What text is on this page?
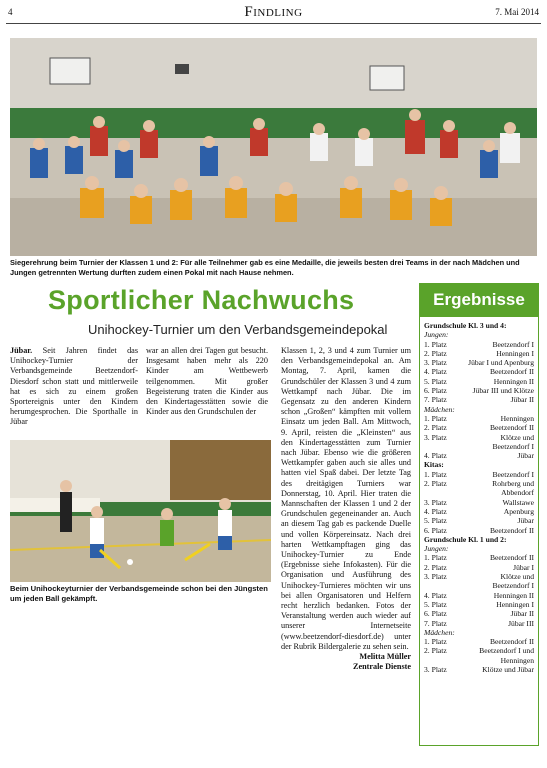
4	Findling	7. Mai 2014
Siegerehrung beim Turnier der Klassen 1 und 2: Für alle Teilnehmer gab es eine Medaille, die jeweils besten drei Teams in der nach Mädchen und Jungen getrennten Wertung durften zudem einen Pokal mit nach Hause nehmen.
Sportlicher Nachwuchs
Unihockey-Turnier um den Verbandsgemeindepokal
Jübar. Seit Jahren findet das Unihockey-Turnier der Verbandsgemeinde Beetzendorf-Diesdorf schon statt und mittlerweile hat es sich zu einem großen Sportereignis unter den Kindern herumgesprochen. Die Sporthalle in Jübar
war an allen drei Tagen gut besucht. Insgesamt haben mehr als 220 Kinder am Wettbewerb teilgenommen. Mit großer Begeisterung traten die Kinder aus den Kindertagesstätten sowie die Kinder aus den Grundschulen der
Klassen 1, 2, 3 und 4 zum Turnier um den Verbandsgemeindepokal an. Am Montag, 7. April, kamen die Grundschüler der Klassen 3 und 4 zum Wettkampf nach Jübar. Die im Gegensatz zu den anderen Kindern schon „Großen“ kämpften mit vollem Einsatz um jeden Ball. Am Mittwoch, 9. April, reisten die „Kleinsten“ aus den Kindertagesstätten zum Turnier nach Jübar. Ebenso wie die größeren Wettkampfer gaben auch sie alles und hatten viel Spaß dabei. Der letzte Tag des dreitägigen Turniers war Donnerstag, 10. April. Hier traten die Mannschaften der Klassen 1 und 2 der Grundschulen gegeneinander an. Auch an diesem Tag gab es packende Duelle und vollen Körpereinsatz. Nach drei harten Wettkampftagen ging das Unihockey-Turnier zu Ende (Ergebnisse siehe Infokasten). Für die Organisation und Ausführung des Unihockey-Turnieres möchten wir uns bei allen Organisatoren und Helfern recht herzlich bedanken. Fotos der Veranstaltung werden auch wieder auf unserer Internetseite (www.beetzendorf-diesdorf.de) unter der Rubrik Bildergalerie zu sehen sein.
Melitta Müller
Zentrale Dienste
Beim Unihockeyturnier der Verbandsgemeinde schon bei den Jüngsten um jeden Ball gekämpft.
Ergebnisse
Grundschule Kl. 3 und 4:
Jungen:
1. Platz	Beetzendorf I
2. Platz	Henningen I
3. Platz	Jübar I und Apenburg
4. Platz	Beetzendorf II
5. Platz	Henningen II
6. Platz	Jübar III und Klötze
7. Platz	Jübar II
Mädchen:
1. Platz	Henningen
2. Platz	Beetzendorf II
3. Platz	Klötze und Beetzendorf I
4. Platz	Jübar
Kitas:
1. Platz	Beetzendorf I
2. Platz	Rohrberg und Abbendorf
3. Platz	Wallstawe
4. Platz	Apenburg
5. Platz	Jübar
6. Platz	Beetzendorf II
Grundschule Kl. 1 und 2:
Jungen:
1. Platz	Beetzendorf II
2. Platz	Jübar I
3. Platz	Klötze und Beetzendorf I
4. Platz	Henningen II
5. Platz	Henningen I
6. Platz	Jübar II
7. Platz	Jübar III
Mädchen:
1. Platz	Beetzendorf II
2. Platz	Beetzendorf I und Henningen
3. Platz	Klötze und Jübar
